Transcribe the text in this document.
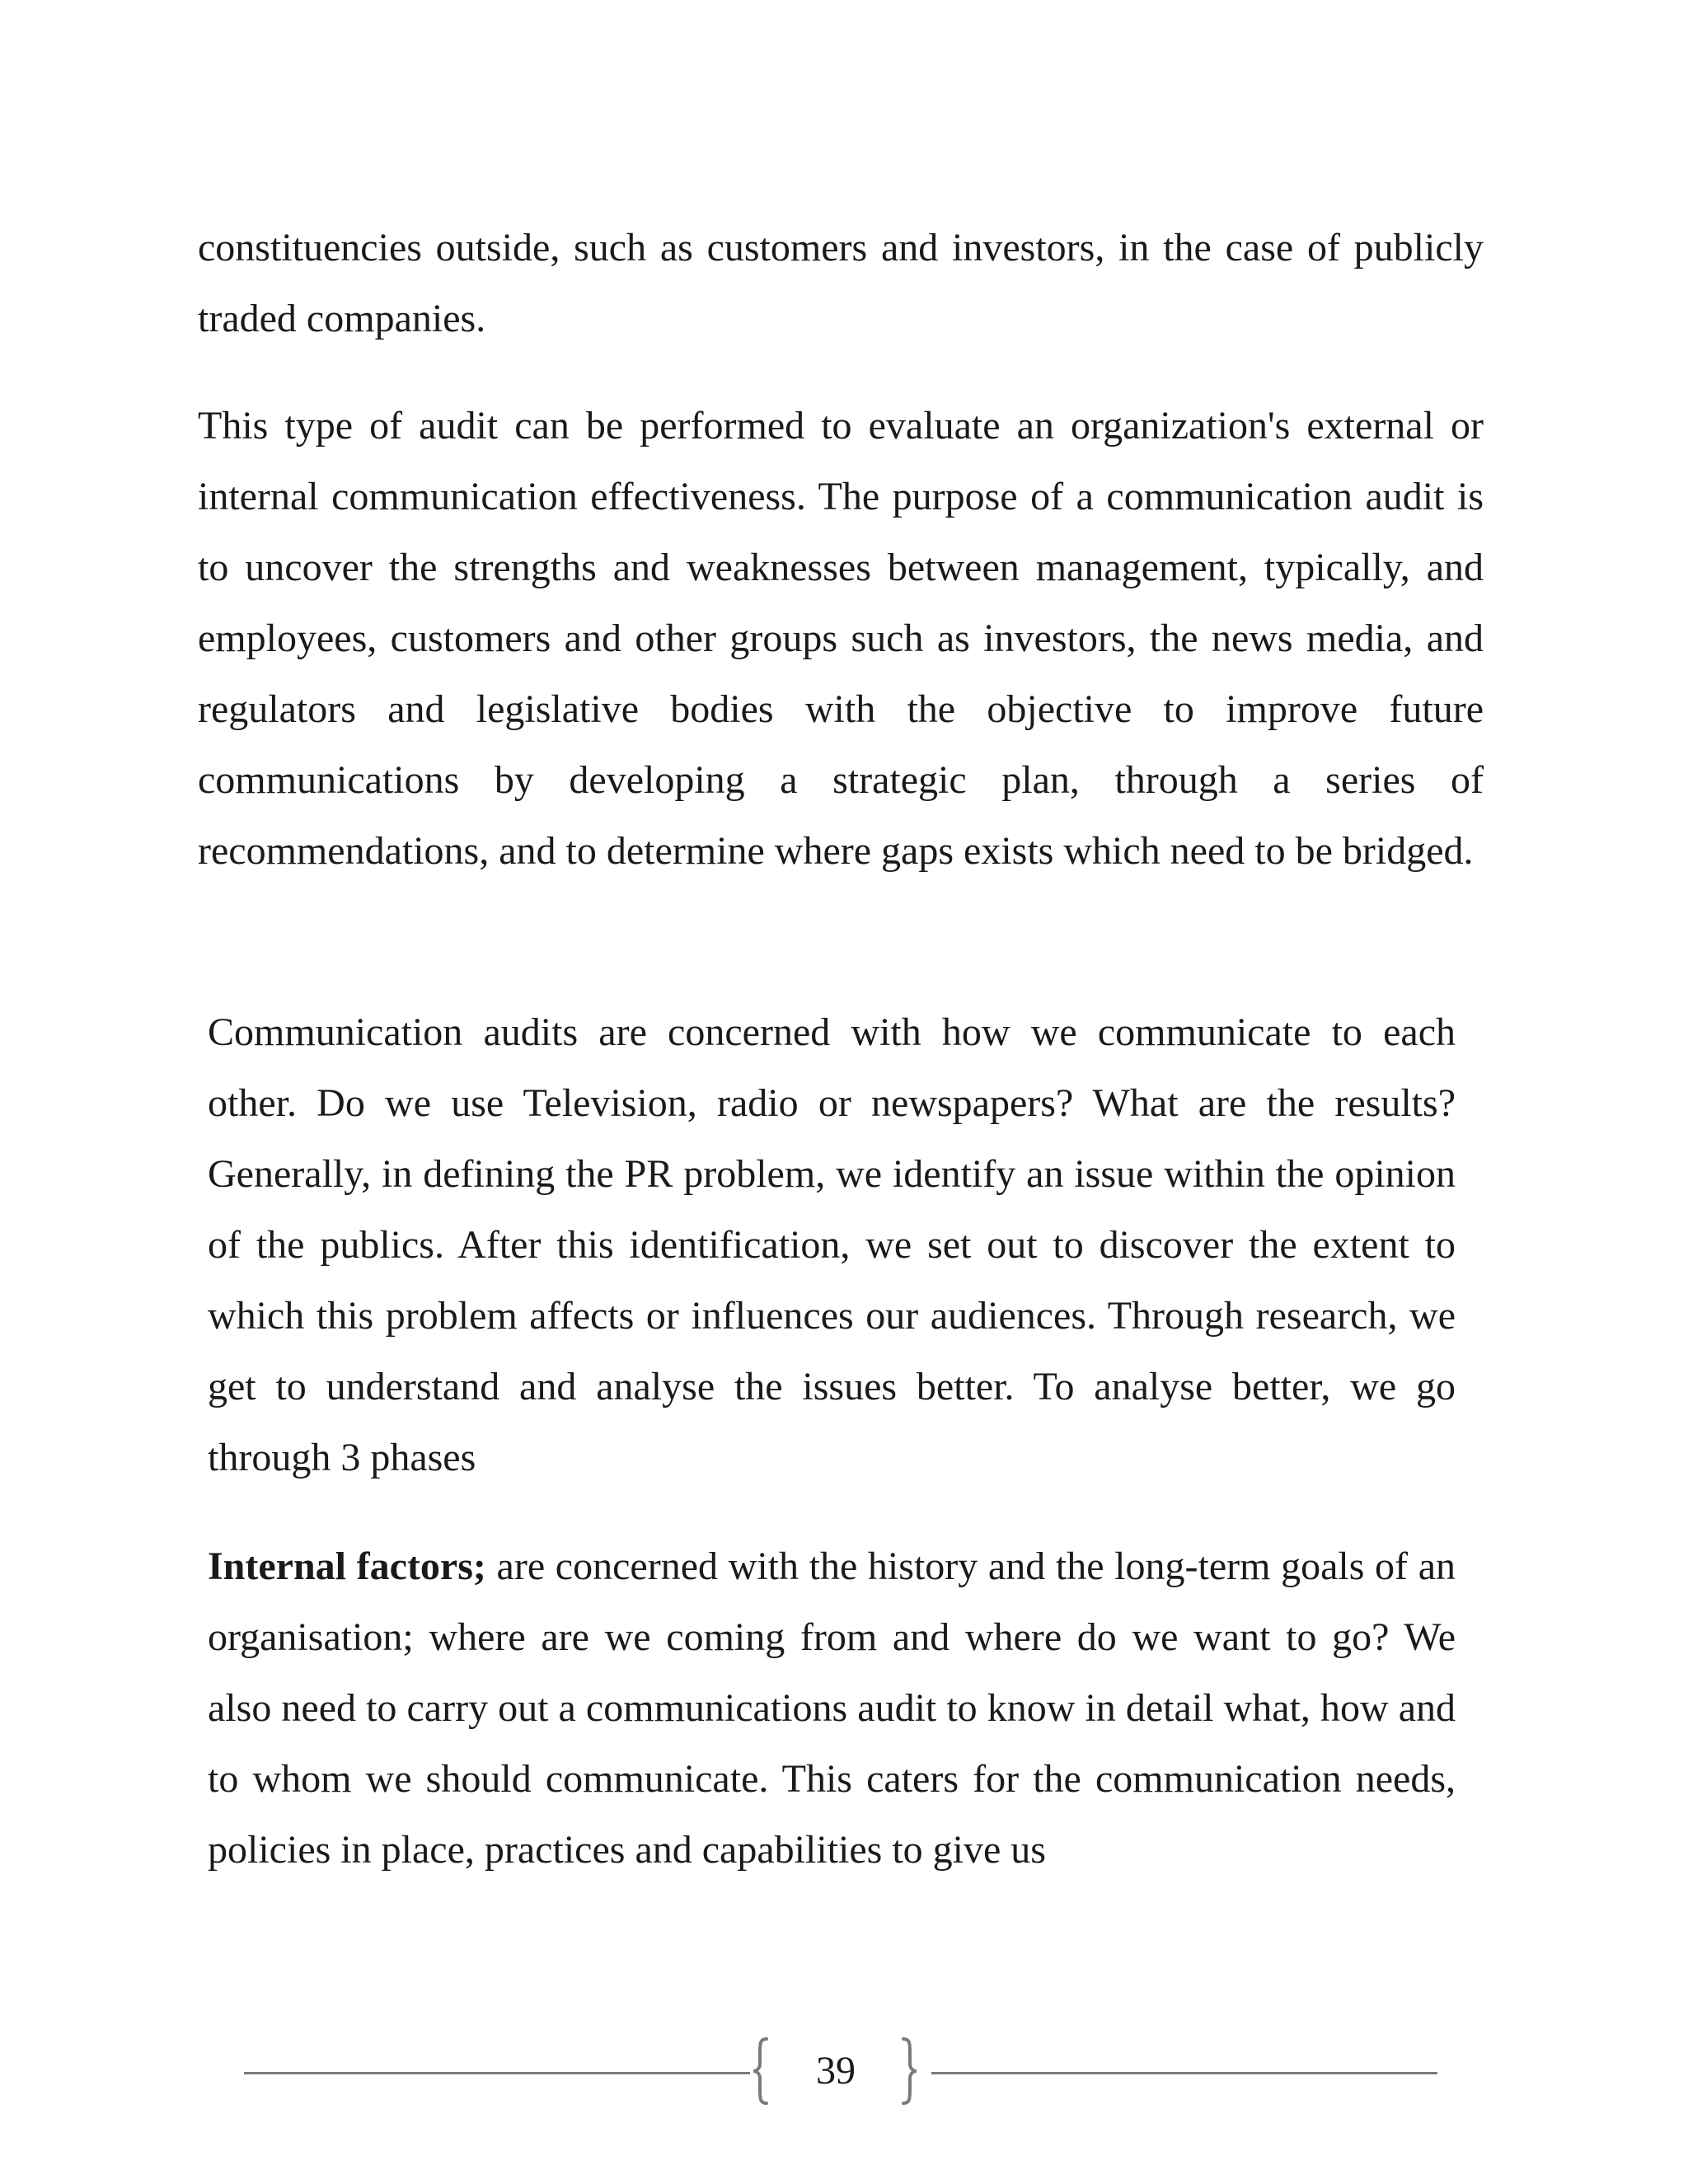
constituencies outside, such as customers and investors, in the case of publicly traded companies.

This type of audit can be performed to evaluate an organization's external or internal communication effectiveness. The purpose of a communication audit is to uncover the strengths and weaknesses between management, typically, and employees, customers and other groups such as investors, the news media, and regulators and legislative bodies with the objective to improve future communications by developing a strategic plan, through a series of recommendations, and to determine where gaps exists which need to be bridged.

Communication audits are concerned with how we communicate to each other. Do we use Television, radio or newspapers? What are the results? Generally, in defining the PR problem, we identify an issue within the opinion of the publics. After this identification, we set out to discover the extent to which this problem affects or influences our audiences. Through research, we get to understand and analyse the issues better. To analyse better, we go through 3 phases

Internal factors; are concerned with the history and the long-term goals of an organisation; where are we coming from and where do we want to go? We also need to carry out a communications audit to know in detail what, how and to whom we should communicate. This caters for the communication needs, policies in place, practices and capabilities to give us

39
